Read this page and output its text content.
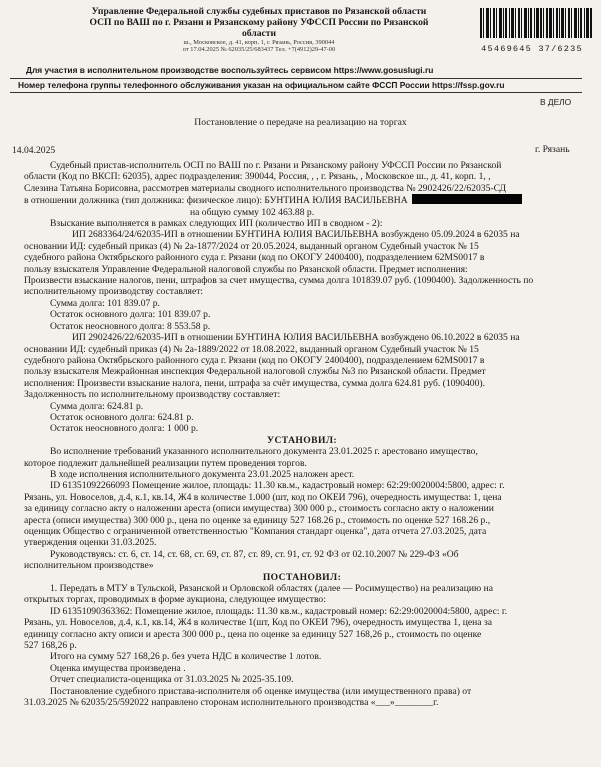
Управление Федеральной службы судебных приставов по Рязанской области
ОСП по ВАШ по г. Рязани и Рязанскому району УФССП России по Рязанской
области
ш., Московское, д. 41, корп. 1, г. Рязань, Россия, 390044
от 17.04.2025 № 62035/25/683437 Тел. +7(4912)29-47-00	45469645 37/6235
Для участия в исполнительном производстве воспользуйтесь сервисом https://www.gosuslugi.ru
Номер телефона группы телефонного обслуживания указан на официальном сайте ФССП России https://fssp.gov.ru
В ДЕЛО
Постановление о передаче на реализацию на торгах
14.04.2025	г. Рязань

Судебный пристав-исполнитель ОСП по ВАШ по г. Рязани и Рязанскому району УФССП России по Рязанской

области (Код по ВКСП: 62035), адрес подразделения: 390044, Россия, , , г. Рязань, , Московское ш., д. 41, корп. 1, ,

Слезина Татьяна Борисовна, рассмотрев материалы сводного исполнительного производства № 2902426/22/62035-СД

в отношении должника (тип должника: физическое лицо): БУНТИНА ЮЛИЯ ВАСИЛЬЕВНА

на общую сумму 102 463.88 р.

Взыскание выполняется в рамках следующих ИП (количество ИП в сводном - 2):

ИП 2683364/24/62035-ИП в отношении БУНТИНА ЮЛИЯ ВАСИЛЬЕВНА возбуждено 05.09.2024 в 62035 на

основании ИД: судебный приказ (4) № 2а-1877/2024 от 20.05.2024, выданный органом Судебный участок № 15

судебного района Октябрьского районного суда г. Рязани (код по ОКОГУ 2400400), подразделением 62MS0017 в

пользу взыскателя Управление Федеральной налоговой службы по Рязанской области. Предмет исполнения:

Произвести взыскание налогов, пени, штрафов за счет имущества, сумма долга 101839.07 руб. (1090400). Задолженность по

исполнительному производству составляет:

Сумма долга: 101 839.07 р.

Остаток основного долга: 101 839.07 р.

Остаток неосновного долга: 8 553.58 р.

ИП 2902426/22/62035-ИП в отношении БУНТИНА ЮЛИЯ ВАСИЛЬЕВНА возбуждено 06.10.2022 в 62035 на

основании ИД: судебный приказ (4) № 2а-1889/2022 от 18.08.2022, выданный органом Судебный участок № 15

судебного района Октябрьского районного суда г. Рязани (код по ОКОГУ 2400400), подразделением 62MS0017 в

пользу взыскателя Межрайонная инспекция Федеральной налоговой службы №3 по Рязанской области. Предмет

исполнения: Произвести взыскание налога, пени, штрафа за счёт имущества, сумма долга 624.81 руб. (1090400).

Задолженность по исполнительному производству составляет:

Сумма долга: 624.81 р.

Остаток основного долга: 624.81 р.

Остаток неосновного долга: 1 000 р.

УСТАНОВИЛ:

Во исполнение требований указанного исполнительного документа 23.01.2025 г. арестовано имущество,

которое подлежит дальнейшей реализации путем проведения торгов.

В ходе исполнения исполнительного документа 23.01.2025 наложен арест.

ID 61351092266093 Помещение жилое, площадь: 11.30 кв.м., кадастровый номер: 62:29:0020004:5800, адрес: г.

Рязань, ул. Новоселов, д.4, к.1, кв.14, Ж4 в количестве 1.000 (шт, код по ОКЕИ 796), очередность имущества: 1, цена

за единицу согласно акту о наложении ареста (описи имущества) 300 000 р., стоимость согласно акту о наложении

ареста (описи имущества) 300 000 р., цена по оценке за единицу 527 168.26 р., стоимость по оценке 527 168.26 р.,

оценщик Общество с ограниченной ответственностью "Компания стандарт оценка", дата отчета 27.03.2025, дата

утверждения оценки 31.03.2025.

Руководствуясь: ст. 6, ст. 14, ст. 68, ст. 69, ст. 87, ст. 89, ст. 91, ст. 92 ФЗ от 02.10.2007 № 229-ФЗ «Об

исполнительном производстве»

ПОСТАНОВИЛ:

1. Передать в МТУ в Тульской, Рязанской и Орловской областях (далее — Росимущество) на реализацию на

открытых торгах, проводимых в форме аукциона, следующее имущество:

ID 61351090363362: Помещение жилое, площадь: 11.30 кв.м., кадастровый номер: 62:29:0020004:5800, адрес: г.

Рязань, ул. Новоселов, д.4, к.1, кв.14, Ж4 в количестве 1(шт, Код по ОКЕИ 796), очередность имущества 1, цена за

единицу согласно акту описи и ареста 300 000 р., цена по оценке за единицу 527 168,26 р., стоимость по оценке

527 168,26 р.

Итого на сумму 527 168,26 р. без учета НДС в количестве 1 лотов.

Оценка имущества произведена .

Отчет специалиста-оценщика от 31.03.2025 № 2025-35.109.

Постановление судебного пристава-исполнителя об оценке имущества (или имущественного права) от

31.03.2025 № 62035/25/592022 направлено сторонам исполнительного производства «___»________г.
